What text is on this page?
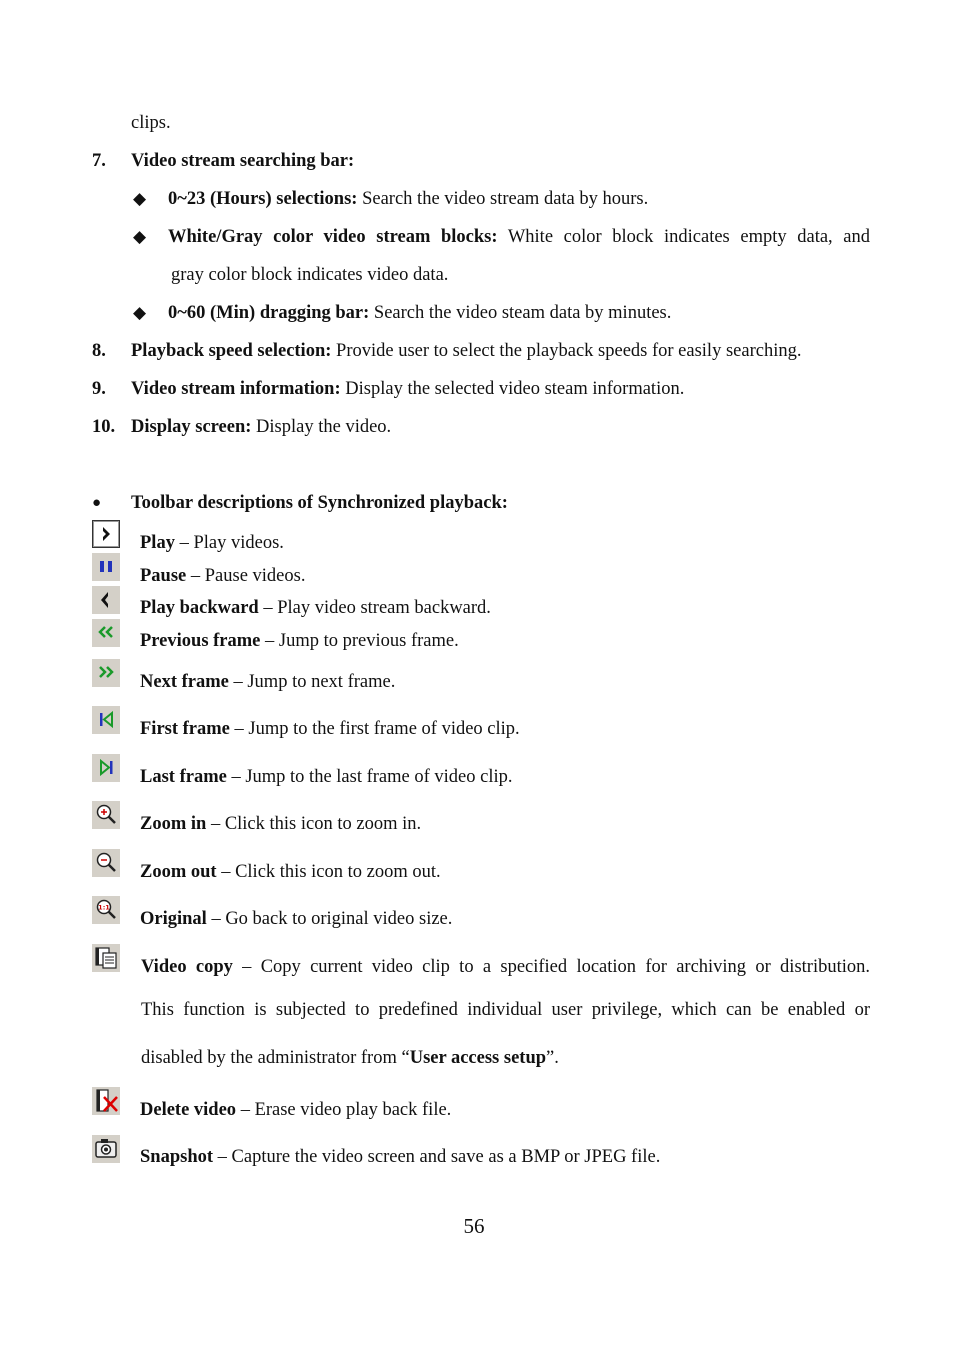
clips.
7. Video stream searching bar:
◆ 0~23 (Hours) selections: Search the video stream data by hours.
◆ White/Gray color video stream blocks: White color block indicates empty data, and
gray color block indicates video data.
◆ 0~60 (Min) dragging bar: Search the video steam data by minutes.
8. Playback speed selection: Provide user to select the playback speeds for easily searching.
9. Video stream information: Display the selected video steam information.
10. Display screen: Display the video.
● Toolbar descriptions of Synchronized playback:
1:1
Play – Play videos.
Pause – Pause videos.
Play backward – Play video stream backward.
Previous frame – Jump to previous frame.
Next frame – Jump to next frame.
First frame – Jump to the first frame of video clip.
Last frame – Jump to the last frame of video clip.
Zoom in – Click this icon to zoom in.
Zoom out – Click this icon to zoom out.
Original – Go back to original video size.
Video copy – Copy current video clip to a specified location for archiving or distribution.
This function is subjected to predefined individual user privilege, which can be enabled or
disabled by the administrator from “User access setup”.
Delete video – Erase video play back file.
Snapshot – Capture the video screen and save as a BMP or JPEG file.
56
